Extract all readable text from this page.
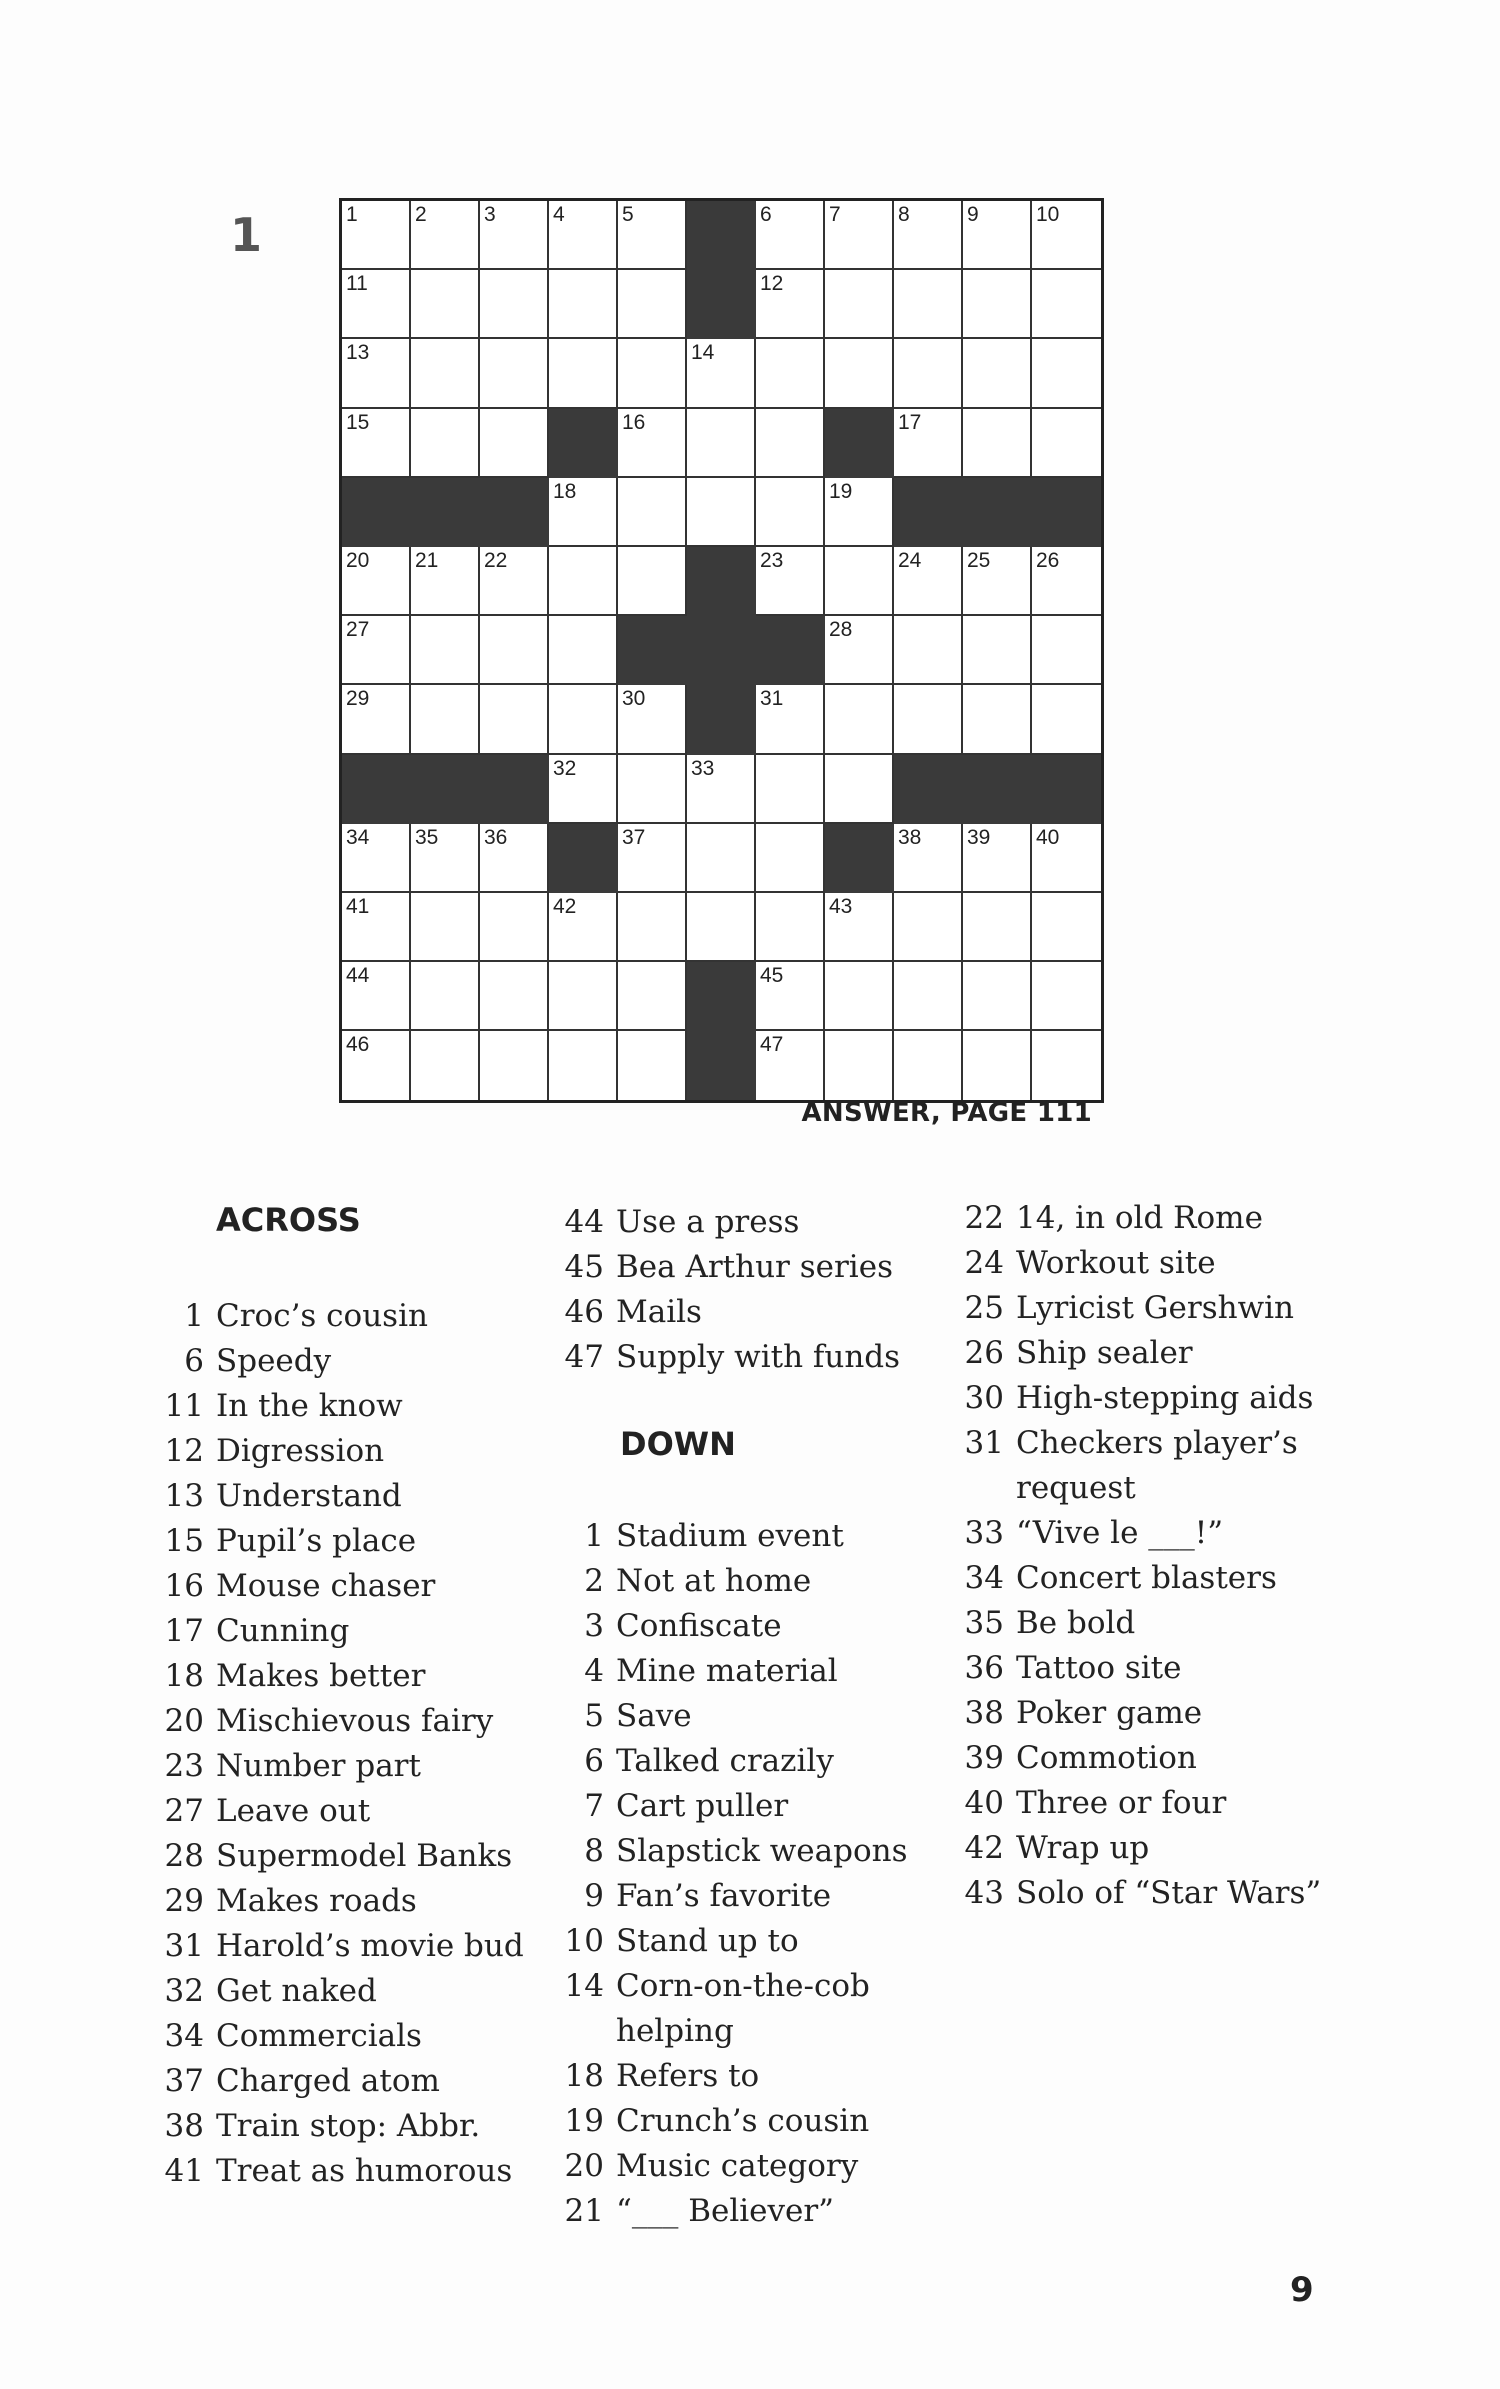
1	1	2	3	4	5	6	7	8	9	10
11	12
13	14
15	16	17
18	19
20 21 22	23	24 25 26
27	28
29	30	31
32	33
34 35 36	37	38 39 40
41	42	43
44	45
46	47
ANSWER, PAGE 111
ACROSS
1 Croc’s cousin
6 Speedy
11 In the know
12 Digression
13 Understand
15 Pupil’s place
16 Mouse chaser
17 Cunning
18 Makes better
20 Mischievous fairy
23 Number part
27 Leave out
28 Supermodel Banks
29 Makes roads
31 Harold’s movie bud
32 Get naked
34 Commercials
37 Charged atom
38 Train stop: Abbr.
41 Treat as humorous
44 Use a press
45 Bea Arthur series
46 Mails
47 Supply with funds
DOWN
1 Stadium event
2 Not at home
3 Confiscate
4 Mine material
5 Save
6 Talked crazily
7 Cart puller
8 Slapstick weapons
9 Fan’s favorite
10 Stand up to
14 Corn-on-the-cob helping
18 Refers to
19 Crunch’s cousin
20 Music category
21 “___ Believer”
22 14, in old Rome
24 Workout site
25 Lyricist Gershwin
26 Ship sealer
30 High-stepping aids
31 Checkers player’s request
33 “Vive le ___!”
34 Concert blasters
35 Be bold
36 Tattoo site
38 Poker game
39 Commotion
40 Three or four
42 Wrap up
43 Solo of “Star Wars”
9
